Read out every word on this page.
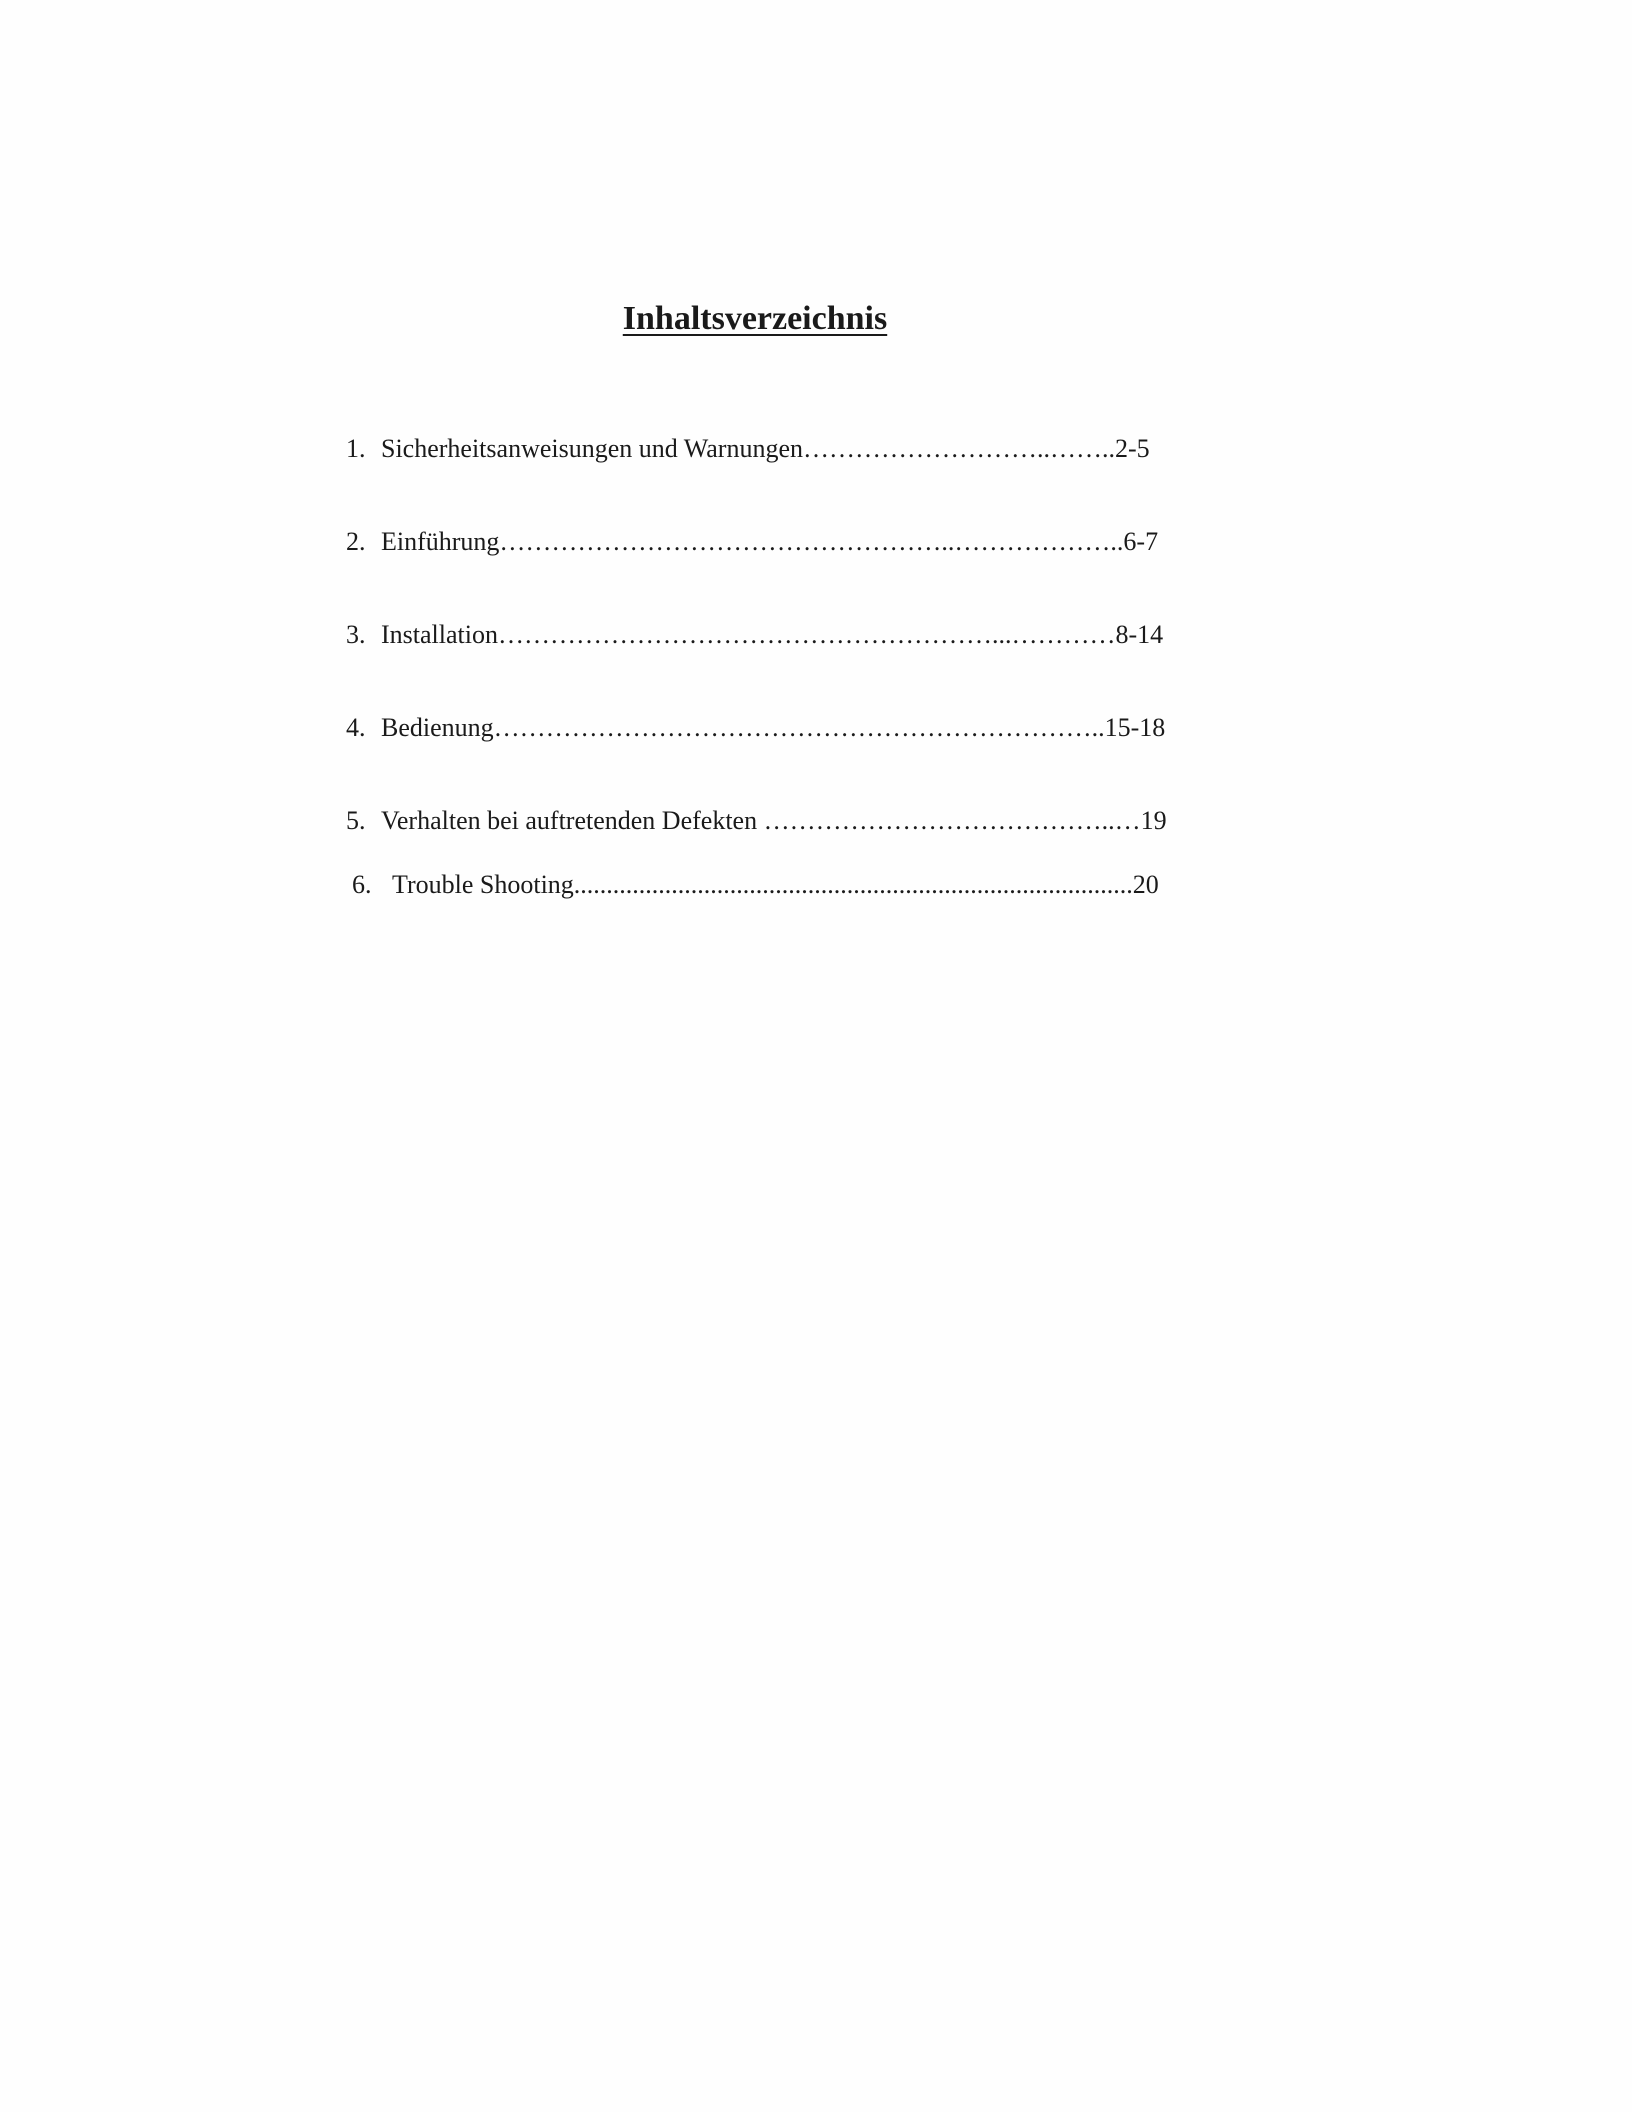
Inhaltsverzeichnis
1. Sicherheitsanweisungen und Warnungen………………………..……..2-5
2. Einführung……………………………………………..………………..6-7
3. Installation…………………………………………………...…………8-14
4. Bedienung……………………………………………………………..15-18
5. Verhalten bei auftretenden Defekten …………………………………..…19
6. Trouble Shooting......................................................................................20
